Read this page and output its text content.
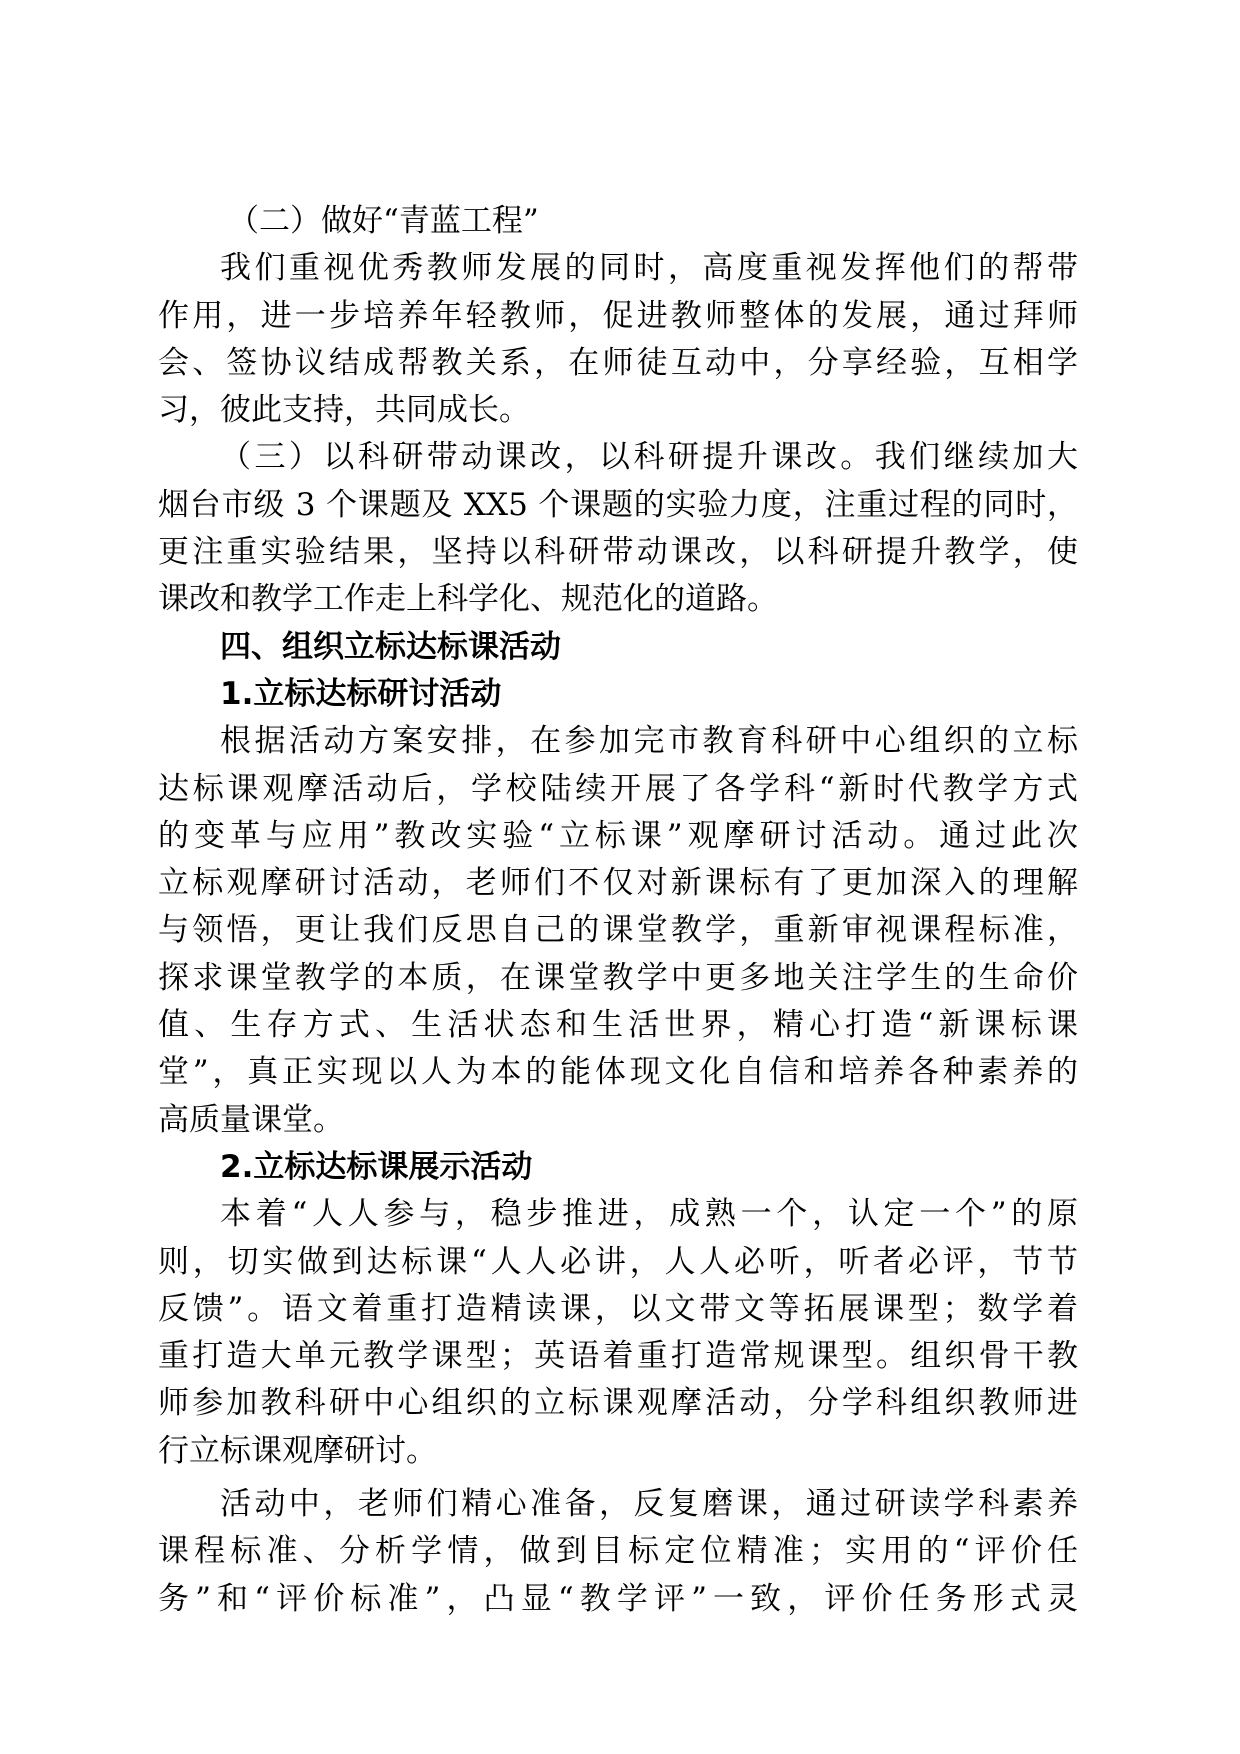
（二）做好“青蓝工程”
我们重视优秀教师发展的同时，高度重视发挥他们的帮带
作用，进一步培养年轻教师，促进教师整体的发展，通过拜师
会、签协议结成帮教关系，在师徒互动中，分享经验，互相学
习，彼此支持，共同成长。
（三）以科研带动课改，以科研提升课改。我们继续加大
烟台市级 3 个课题及 XX5 个课题的实验力度，注重过程的同时，
更注重实验结果，坚持以科研带动课改，以科研提升教学，使
课改和教学工作走上科学化、规范化的道路。
四、组织立标达标课活动
1.立标达标研讨活动
根据活动方案安排，在参加完市教育科研中心组织的立标
达标课观摩活动后，学校陆续开展了各学科“新时代教学方式
的变革与应用”教改实验“立标课”观摩研讨活动。通过此次
立标观摩研讨活动，老师们不仅对新课标有了更加深入的理解
与领悟，更让我们反思自己的课堂教学，重新审视课程标准，
探求课堂教学的本质，在课堂教学中更多地关注学生的生命价
值、生存方式、生活状态和生活世界，精心打造“新课标课
堂”，真正实现以人为本的能体现文化自信和培养各种素养的
高质量课堂。
2.立标达标课展示活动
本着“人人参与，稳步推进，成熟一个，认定一个”的原
则，切实做到达标课“人人必讲，人人必听，听者必评，节节
反馈”。语文着重打造精读课，以文带文等拓展课型；数学着
重打造大单元教学课型；英语着重打造常规课型。组织骨干教
师参加教科研中心组织的立标课观摩活动，分学科组织教师进
行立标课观摩研讨。
活动中，老师们精心准备，反复磨课，通过研读学科素养
课程标准、分析学情，做到目标定位精准；实用的“评价任
务”和“评价标准”，凸显“教学评”一致，评价任务形式灵
